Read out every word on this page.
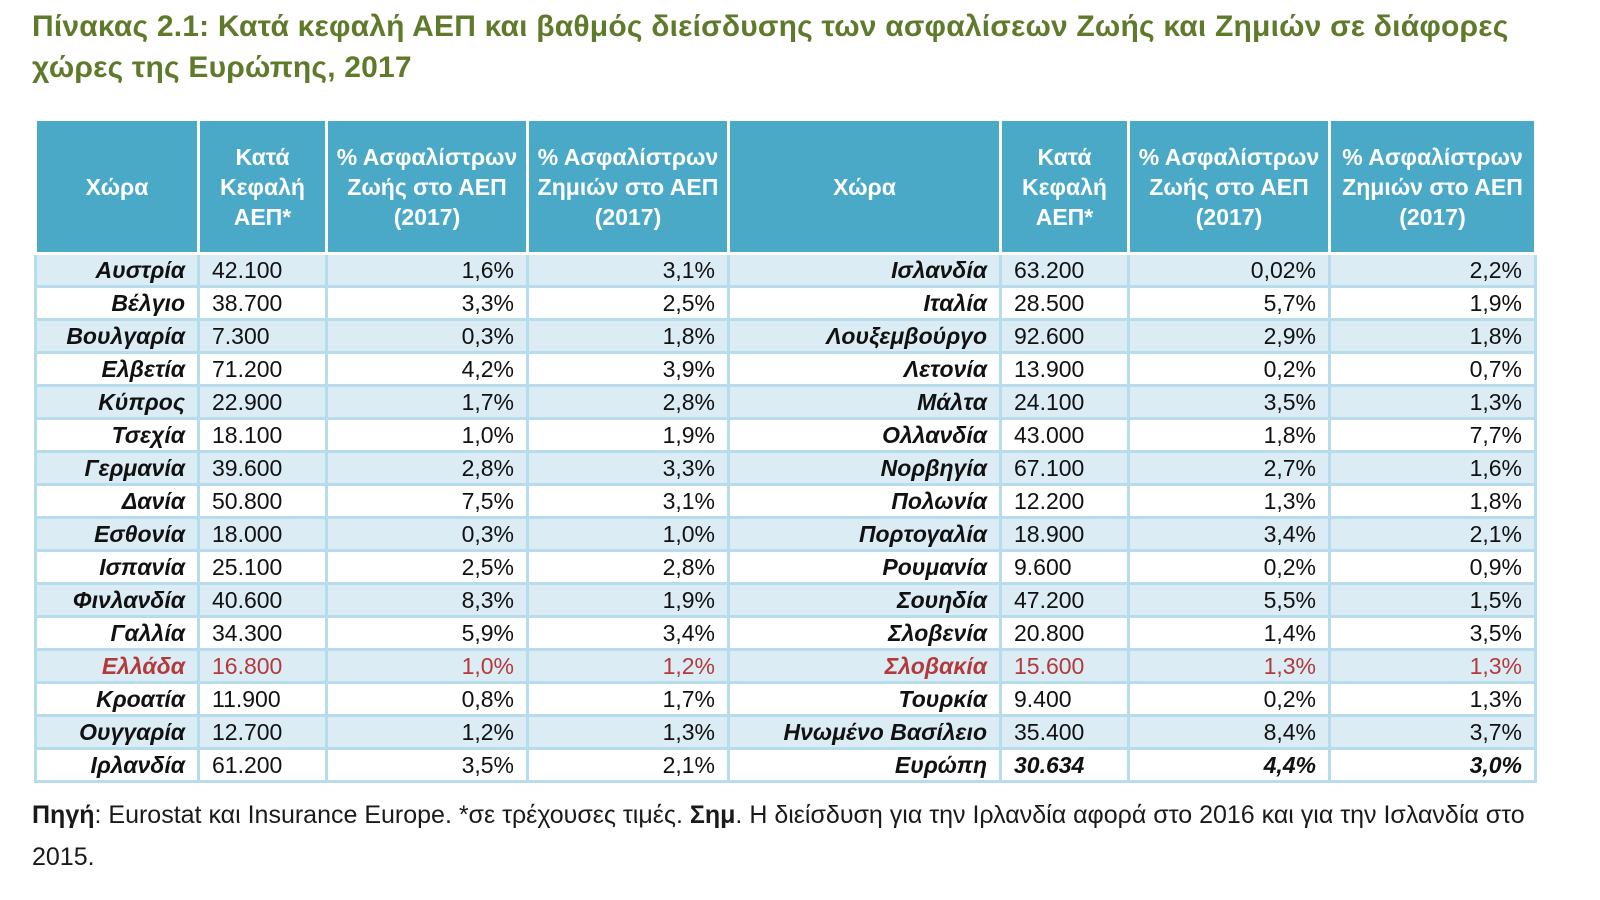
Πίνακας 2.1: Κατά κεφαλή ΑΕΠ και βαθμός διείσδυσης των ασφαλίσεων Ζωής και Ζημιών σε διάφορες χώρες της Ευρώπης, 2017
Χώρα	Κατά Κεφαλή ΑΕΠ*	% Ασφαλίστρων Ζωής στο ΑΕΠ (2017)	% Ασφαλίστρων Ζημιών στο ΑΕΠ (2017)	Χώρα	Κατά Κεφαλή ΑΕΠ*	% Ασφαλίστρων Ζωής στο ΑΕΠ (2017)	% Ασφαλίστρων Ζημιών στο ΑΕΠ (2017)
Αυστρία	42.100	1,6%	3,1%	Ισλανδία	63.200	0,02%	2,2%
Βέλγιο	38.700	3,3%	2,5%	Ιταλία	28.500	5,7%	1,9%
Βουλγαρία	7.300	0,3%	1,8%	Λουξεμβούργο	92.600	2,9%	1,8%
Ελβετία	71.200	4,2%	3,9%	Λετονία	13.900	0,2%	0,7%
Κύπρος	22.900	1,7%	2,8%	Μάλτα	24.100	3,5%	1,3%
Τσεχία	18.100	1,0%	1,9%	Ολλανδία	43.000	1,8%	7,7%
Γερμανία	39.600	2,8%	3,3%	Νορβηγία	67.100	2,7%	1,6%
Δανία	50.800	7,5%	3,1%	Πολωνία	12.200	1,3%	1,8%
Εσθονία	18.000	0,3%	1,0%	Πορτογαλία	18.900	3,4%	2,1%
Ισπανία	25.100	2,5%	2,8%	Ρουμανία	9.600	0,2%	0,9%
Φινλανδία	40.600	8,3%	1,9%	Σουηδία	47.200	5,5%	1,5%
Γαλλία	34.300	5,9%	3,4%	Σλοβενία	20.800	1,4%	3,5%
Ελλάδα	16.800	1,0%	1,2%	Σλοβακία	15.600	1,3%	1,3%
Κροατία	11.900	0,8%	1,7%	Τουρκία	9.400	0,2%	1,3%
Ουγγαρία	12.700	1,2%	1,3%	Ηνωμένο Βασίλειο	35.400	8,4%	3,7%
Ιρλανδία	61.200	3,5%	2,1%	Ευρώπη	30.634	4,4%	3,0%
Πηγή: Eurostat και Insurance Europe. *σε τρέχουσες τιμές. Σημ. Η διείσδυση για την Ιρλανδία αφορά στο 2016 και για την Ισλανδία στο 2015.
